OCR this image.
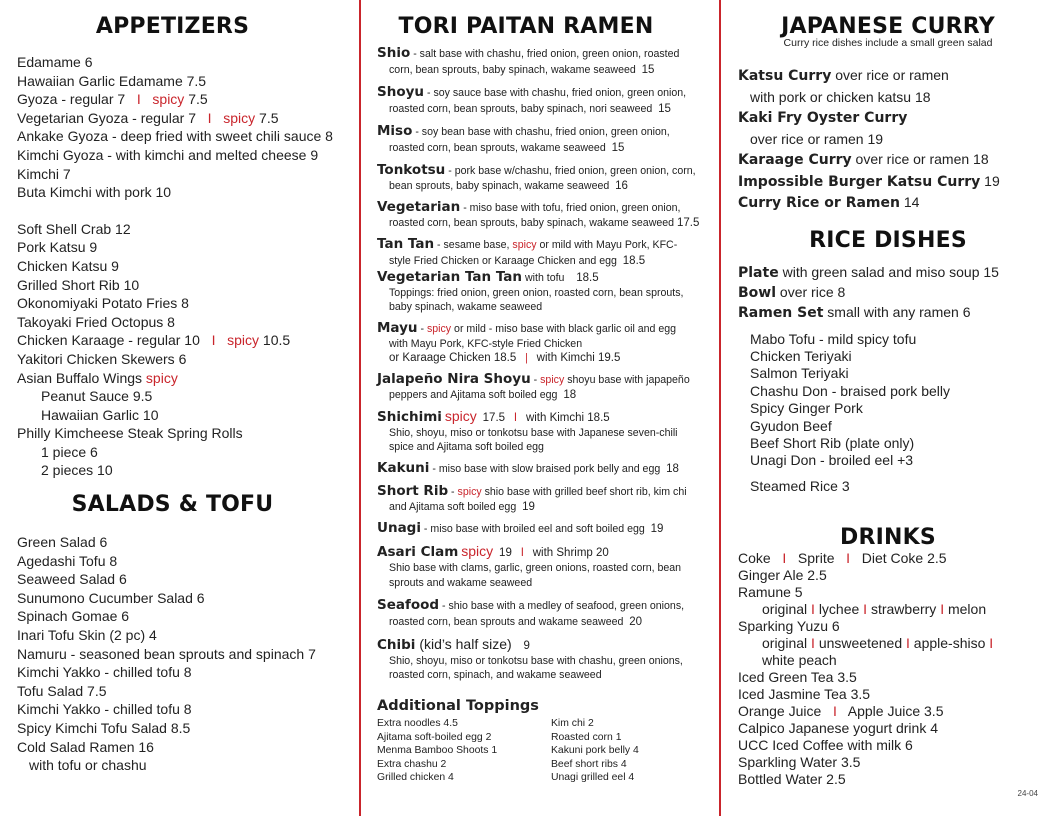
APPETIZERS
Edamame 6
Hawaiian Garlic Edamame 7.5
Gyoza - regular 7 I spicy 7.5
Vegetarian Gyoza - regular 7 I spicy 7.5
Ankake Gyoza - deep fried with sweet chili sauce 8
Kimchi Gyoza - with kimchi and melted cheese 9
Kimchi 7
Buta Kimchi with pork 10
Soft Shell Crab 12
Pork Katsu 9
Chicken Katsu 9
Grilled Short Rib 10
Okonomiyaki Potato Fries 8
Takoyaki Fried Octopus 8
Chicken Karaage - regular 10 I spicy 10.5
Yakitori Chicken Skewers 6
Asian Buffalo Wings spicy
Peanut Sauce 9.5
Hawaiian Garlic 10
Philly Kimcheese Steak Spring Rolls
1 piece 6
2 pieces 10
SALADS & TOFU
Green Salad 6
Agedashi Tofu 8
Seaweed Salad 6
Sunumono Cucumber Salad 6
Spinach Gomae 6
Inari Tofu Skin (2 pc) 4
Namuru - seasoned bean sprouts and spinach 7
Kimchi Yakko - chilled tofu 8
Tofu Salad 7.5
Kimchi Yakko - chilled tofu 8
Spicy Kimchi Tofu Salad 8.5
Cold Salad Ramen 16
with tofu or chashu
TORI PAITAN RAMEN
Shio - salt base with chashu, fried onion, green onion, roasted
corn, bean sprouts, baby spinach, wakame seaweed 15
Shoyu - soy sauce base with chashu, fried onion, green onion,
roasted corn, bean sprouts, baby spinach, nori seaweed 15
Miso - soy bean base with chashu, fried onion, green onion,
roasted corn, bean sprouts, wakame seaweed 15
Tonkotsu - pork base w/chashu, fried onion, green onion, corn,
bean sprouts, baby spinach, wakame seaweed 16
Vegetarian - miso base with tofu, fried onion, green onion,
roasted corn, bean sprouts, baby spinach, wakame seaweed 17.5
Tan Tan - sesame base, spicy or mild with Mayu Pork, KFC-
style Fried Chicken or Karaage Chicken and egg 18.5
Vegetarian Tan Tan with tofu 18.5
Toppings: fried onion, green onion, roasted corn, bean sprouts,
baby spinach, wakame seaweed
Mayu - spicy or mild - miso base with black garlic oil and egg
with Mayu Pork, KFC-style Fried Chicken
or Karaage Chicken 18.5 | with Kimchi 19.5
Jalapeño Nira Shoyu - spicy shoyu base with japapeño
peppers and Ajitama soft boiled egg 18
Shichimi spicy 17.5 I with Kimchi 18.5
Shio, shoyu, miso or tonkotsu base with Japanese seven-chili
spice and Ajitama soft boiled egg
Kakuni - miso base with slow braised pork belly and egg 18
Short Rib - spicy shio base with grilled beef short rib, kim chi
and Ajitama soft boiled egg 19
Unagi - miso base with broiled eel and soft boiled egg 19
Asari Clam spicy 19 I with Shrimp 20
Shio base with clams, garlic, green onions, roasted corn, bean
sprouts and wakame seaweed
Seafood - shio base with a medley of seafood, green onions,
roasted corn, bean sprouts and wakame seaweed 20
Chibi (kid’s half size) 9
Shio, shoyu, miso or tonkotsu base with chashu, green onions,
roasted corn, spinach, and wakame seaweed
Additional Toppings
Extra noodles 4.5	Kim chi 2
Ajitama soft-boiled egg 2	Roasted corn 1
Menma Bamboo Shoots 1	Kakuni pork belly 4
Extra chashu 2	Beef short ribs 4
Grilled chicken 4	Unagi grilled eel 4
JAPANESE CURRY
Curry rice dishes include a small green salad
Katsu Curry over rice or ramen
with pork or chicken katsu 18
Kaki Fry Oyster Curry
over rice or ramen 19
Karaage Curry over rice or ramen 18
Impossible Burger Katsu Curry 19
Curry Rice or Ramen 14
RICE DISHES
Plate with green salad and miso soup 15
Bowl over rice 8
Ramen Set small with any ramen 6
Mabo Tofu - mild spicy tofu
Chicken Teriyaki
Salmon Teriyaki
Chashu Don - braised pork belly
Spicy Ginger Pork
Gyudon Beef
Beef Short Rib (plate only)
Unagi Don - broiled eel +3
Steamed Rice 3
DRINKS
Coke I Sprite I Diet Coke 2.5
Ginger Ale 2.5
Ramune 5
original I lychee I strawberry I melon
Sparking Yuzu 6
original I unsweetened I apple-shiso I
white peach
Iced Green Tea 3.5
Iced Jasmine Tea 3.5
Orange Juice I Apple Juice 3.5
Calpico Japanese yogurt drink 4
UCC Iced Coffee with milk 6
Sparkling Water 3.5
Bottled Water 2.5
24-04
